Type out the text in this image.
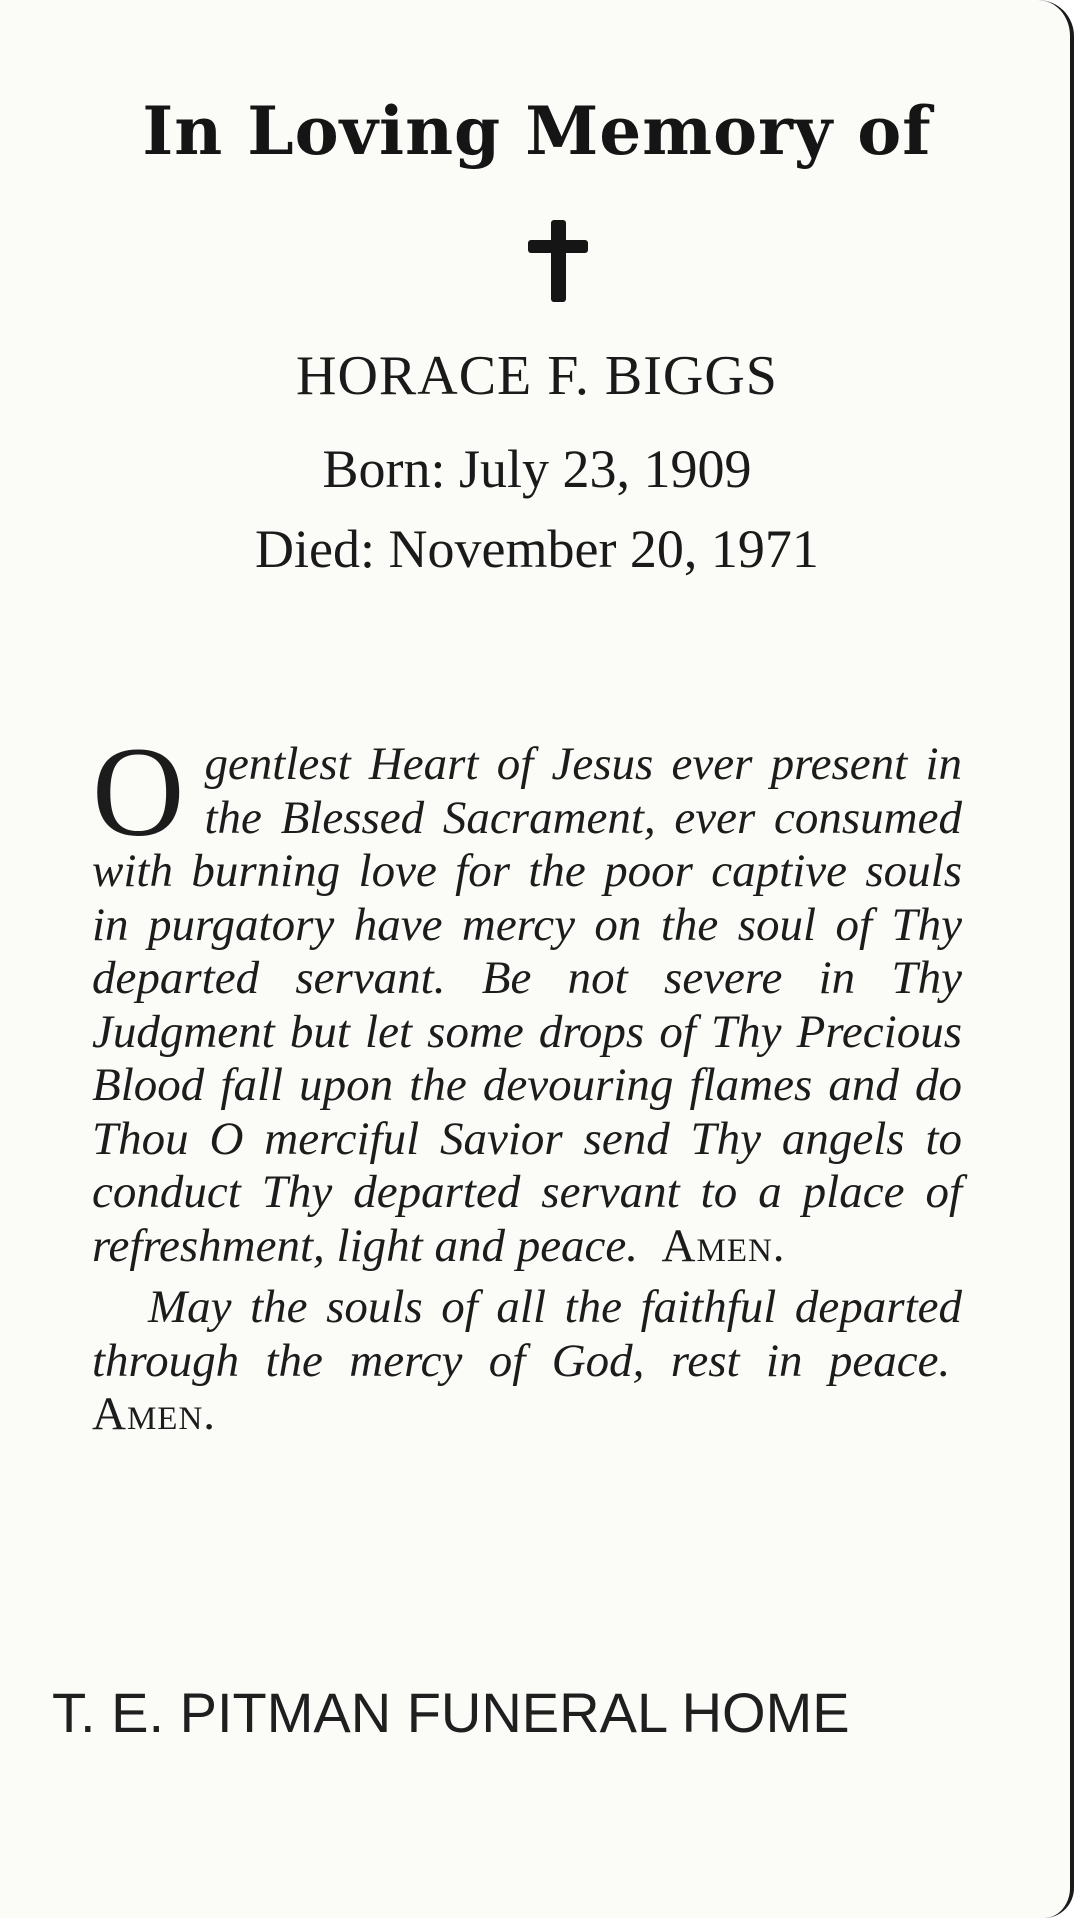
In Loving Memory of
HORACE F. BIGGS
Born: July 23, 1909
Died: November 20, 1971

O gentlest Heart of Jesus ever present in the Blessed Sacrament, ever consumed with burning love for the poor captive souls in purgatory have mercy on the soul of Thy departed servant. Be not severe in Thy Judgment but let some drops of Thy Precious Blood fall upon the devouring flames and do Thou O merciful Savior send Thy angels to conduct Thy departed servant to a place of refreshment, light and peace. Amen.

May the souls of all the faithful departed through the mercy of God, rest in peace.  Amen.

T. E. PITMAN FUNERAL HOME
